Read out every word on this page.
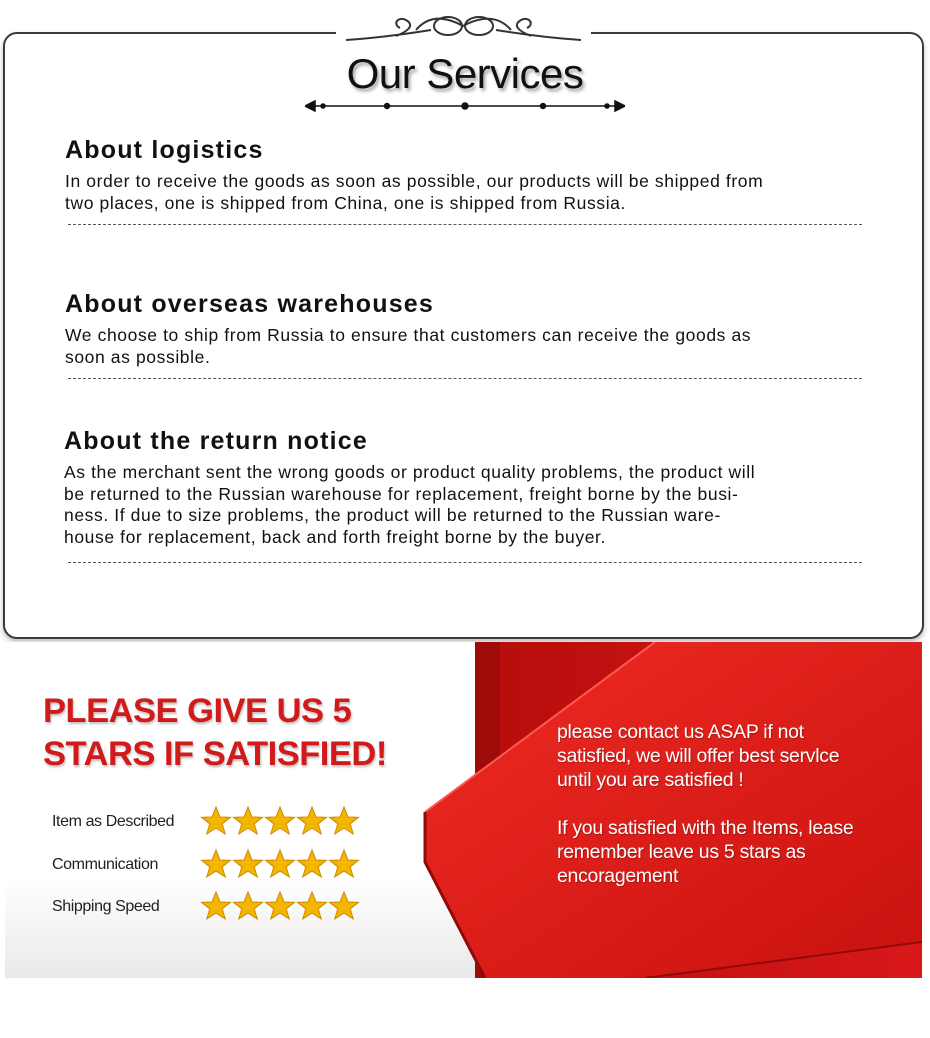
Our Services
About logistics

In order to receive the goods as soon as possible, our products will be shipped from
two places, one is shipped from China, one is shipped from Russia.

About overseas warehouses

We choose to ship from Russia to ensure that customers can receive the goods as
soon as possible.

About the return notice

As the merchant sent the wrong goods or product quality problems, the product will
be returned to the Russian warehouse for replacement, freight borne by the busi-
ness. If due to size problems, the product will be returned to the Russian ware-
house for replacement, back and forth freight borne by the buyer.

PLEASE GIVE US 5
STARS IF SATISFIED!
Item as Described
Communication
Shipping Speed
please contact us ASAP if not
satisfied, we will offer best servlce
until you are satisfied !
If you satisfied with the Items, lease
remember leave us 5 stars as
encoragement
